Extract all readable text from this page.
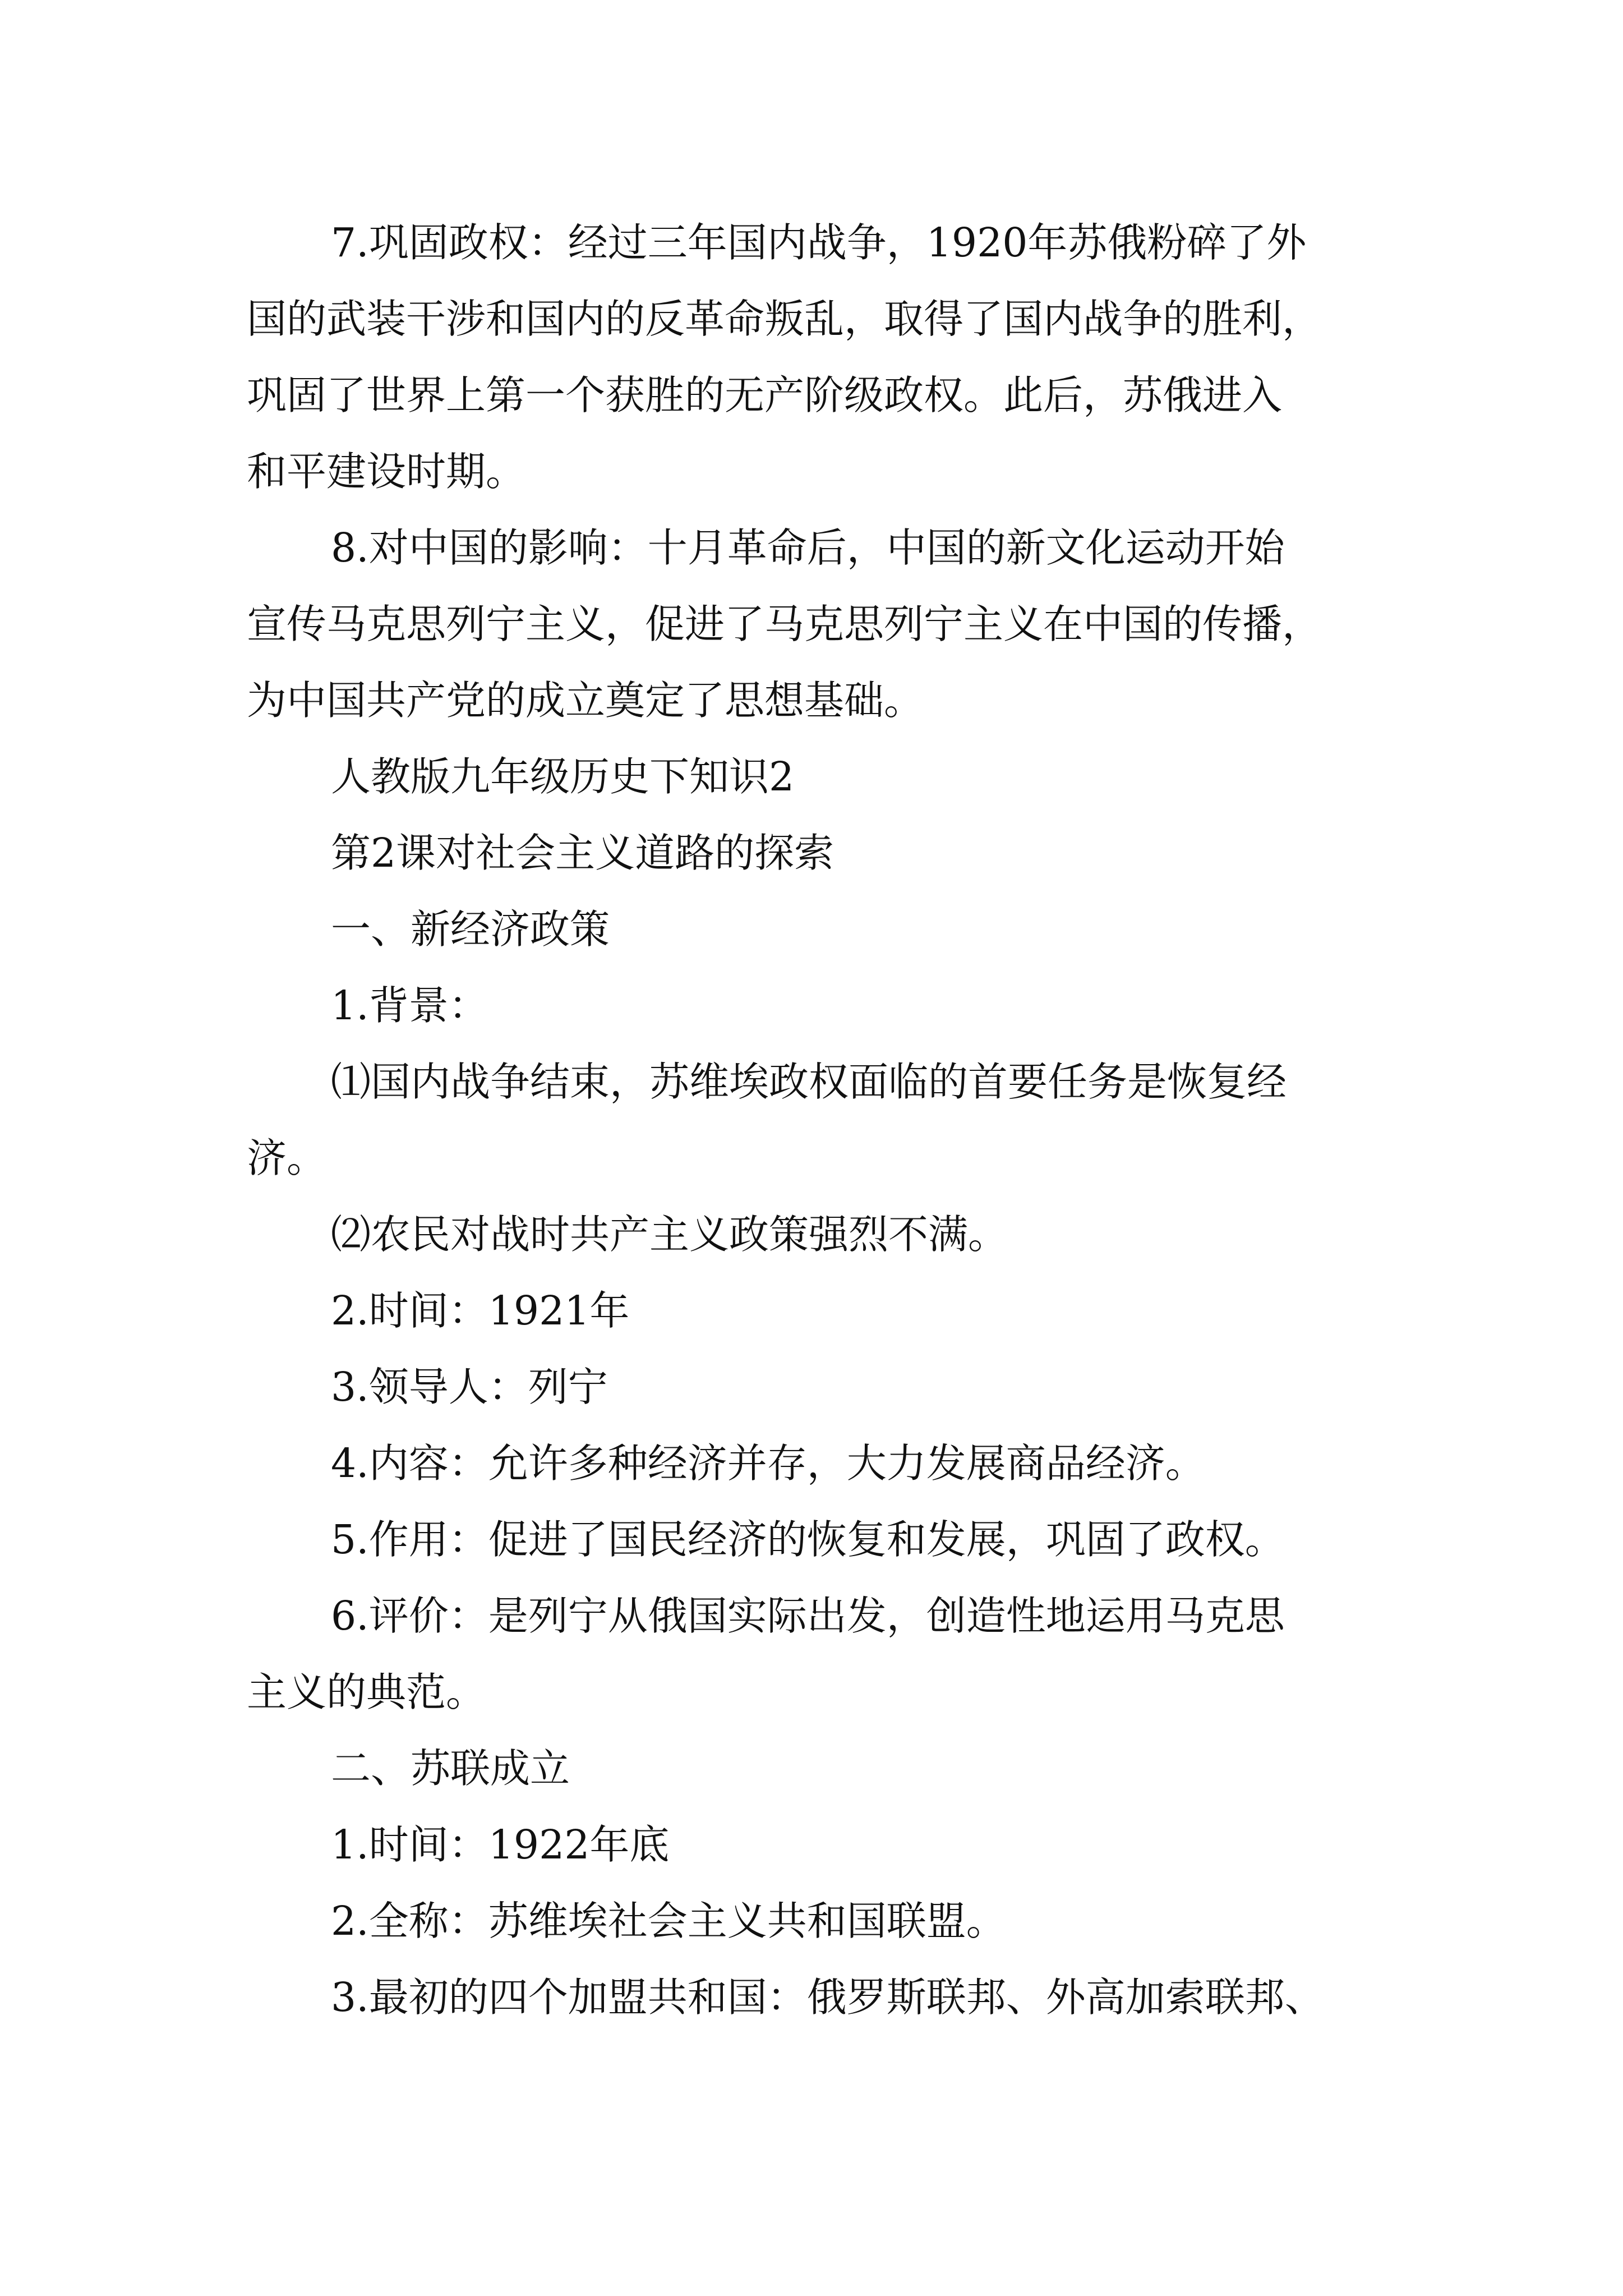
7.巩固政权：经过三年国内战争，1920年苏俄粉碎了外
国的武装干涉和国内的反革命叛乱，取得了国内战争的胜利，
巩固了世界上第一个获胜的无产阶级政权。此后，苏俄进入
和平建设时期。
8.对中国的影响：十月革命后，中国的新文化运动开始
宣传马克思列宁主义，促进了马克思列宁主义在中国的传播，
为中国共产党的成立奠定了思想基础。
人教版九年级历史下知识2
第2课对社会主义道路的探索
一、新经济政策
1.背景：
⑴国内战争结束，苏维埃政权面临的首要任务是恢复经
济。
⑵农民对战时共产主义政策强烈不满。
2.时间：1921年
3.领导人：列宁
4.内容：允许多种经济并存，大力发展商品经济。
5.作用：促进了国民经济的恢复和发展，巩固了政权。
6.评价：是列宁从俄国实际出发，创造性地运用马克思
主义的典范。
二、苏联成立
1.时间：1922年底
2.全称：苏维埃社会主义共和国联盟。
3.最初的四个加盟共和国：俄罗斯联邦、外高加索联邦、
